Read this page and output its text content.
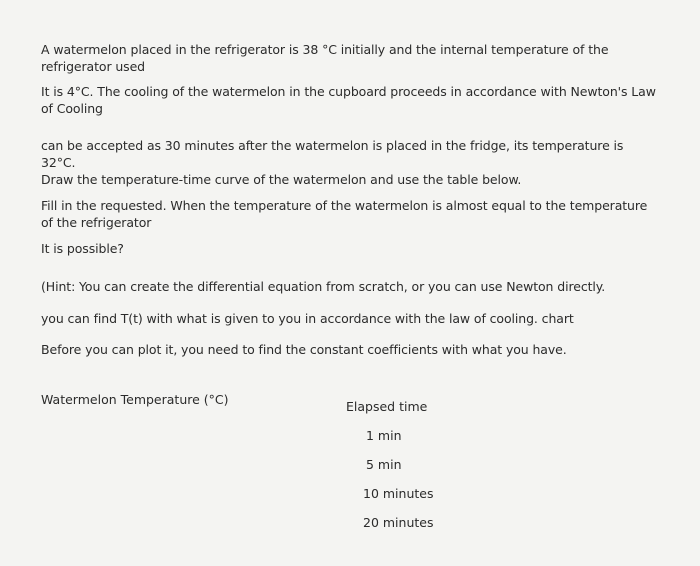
A watermelon placed in the refrigerator is 38 °C initially and the internal temperature of the
refrigerator used

It is 4°C. The cooling of the watermelon in the cupboard proceeds in accordance with Newton's Law
of Cooling

can be accepted as 30 minutes after the watermelon is placed in the fridge, its temperature is 32°C.

Draw the temperature-time curve of the watermelon and use the table below.

Fill in the requested. When the temperature of the watermelon is almost equal to the temperature
of the refrigerator

It is possible?

(Hint: You can create the differential equation from scratch, or you can use Newton directly.

you can find T(t) with what is given to you in accordance with the law of cooling. chart

Before you can plot it, you need to find the constant coefficients with what you have.

Watermelon Temperature (°C)	Elapsed time

1 min

5 min

10 minutes

20 minutes
